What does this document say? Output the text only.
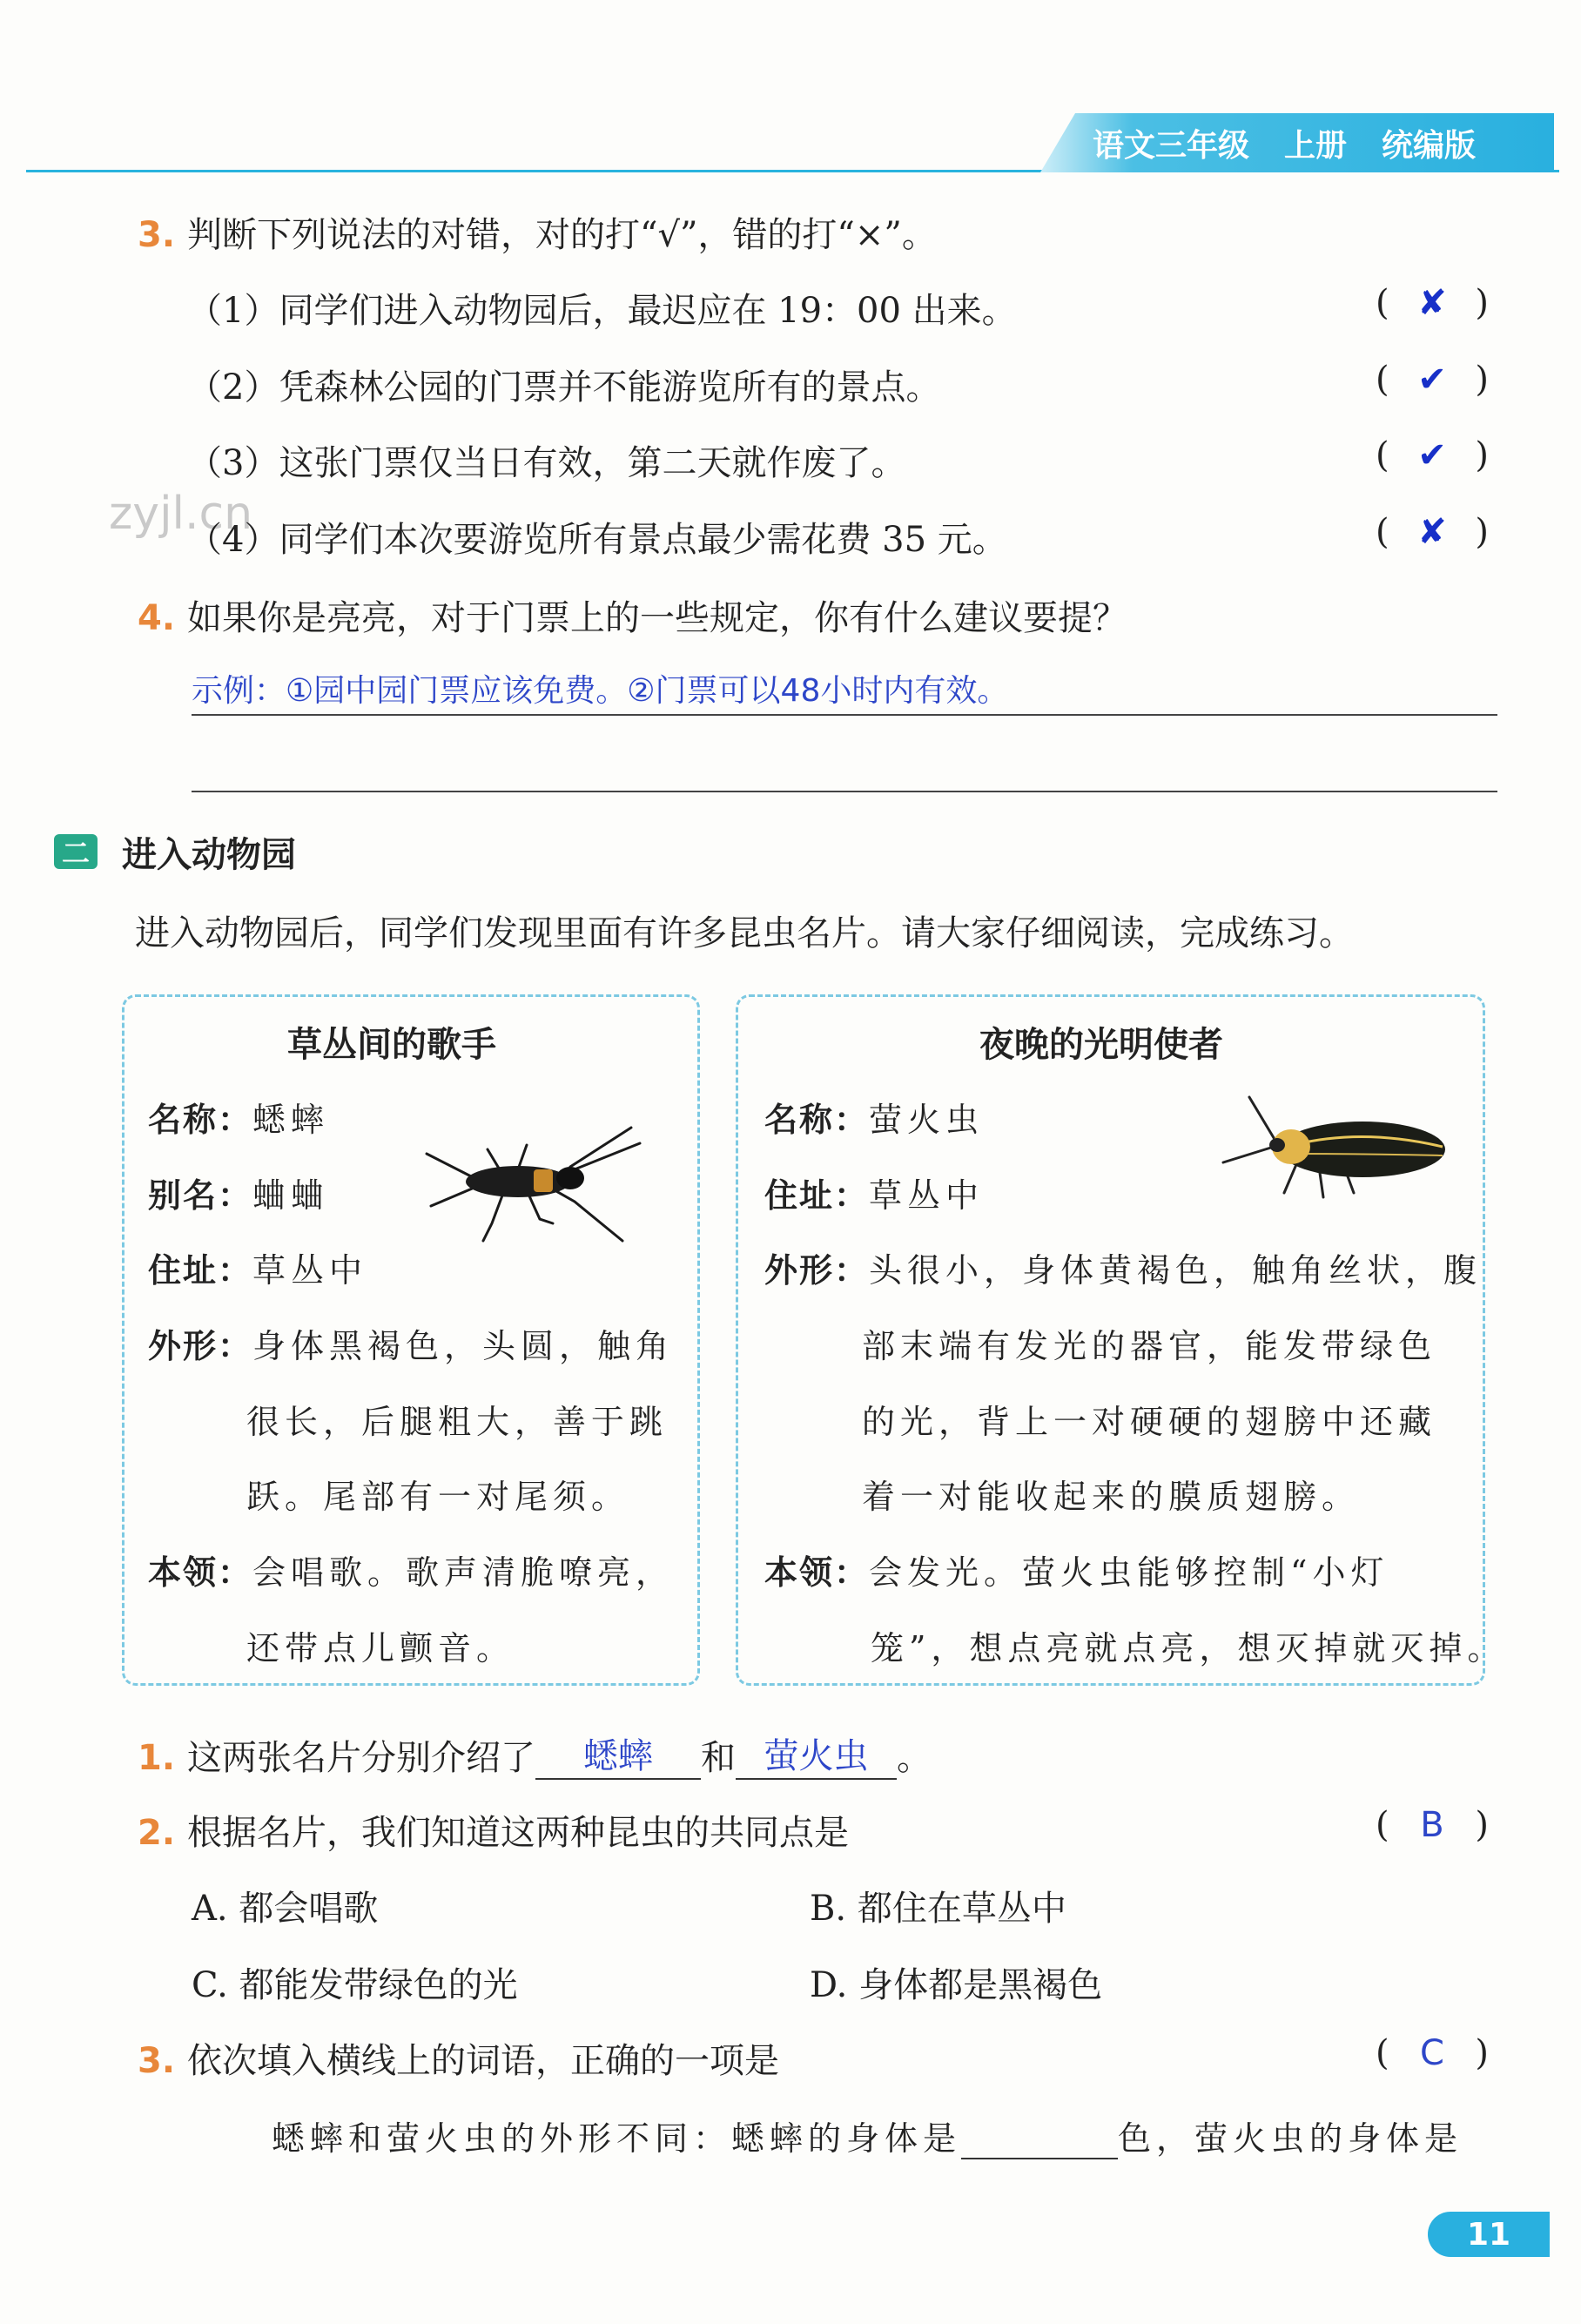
语文三年级 上册 统编版
3. 判断下列说法的对错，对的打“√”，错的打“×”。
（1）同学们进入动物园后，最迟应在 19：00 出来。	( ✘ )
（2）凭森林公园的门票并不能游览所有的景点。	( ✔ )
（3）这张门票仅当日有效，第二天就作废了。	( ✔ )
zyjl.cn
（4）同学们本次要游览所有景点最少需花费 35 元。	( ✘ )
4. 如果你是亮亮，对于门票上的一些规定，你有什么建议要提？
示例：①园中园门票应该免费。②门票可以48小时内有效。
二 进入动物园
进入动物园后，同学们发现里面有许多昆虫名片。请大家仔细阅读，完成练习。
草丛间的歌手
名称：蟋蟀
别名：蛐蛐
住址：草丛中
外形：身体黑褐色，头圆，触角
很长，后腿粗大，善于跳
跃。尾部有一对尾须。
本领：会唱歌。歌声清脆嘹亮，
还带点儿颤音。
夜晚的光明使者
名称：萤火虫
住址：草丛中
外形：头很小，身体黄褐色，触角丝状，腹
部末端有发光的器官，能发带绿色
的光，背上一对硬硬的翅膀中还藏
着一对能收起来的膜质翅膀。
本领：会发光。萤火虫能够控制“小灯
笼”，想点亮就点亮，想灭掉就灭掉。
1. 这两张名片分别介绍了 蟋蟀 和 萤火虫 。
2. 根据名片，我们知道这两种昆虫的共同点是	( B )
A. 都会唱歌	B. 都住在草丛中
C. 都能发带绿色的光	D. 身体都是黑褐色
3. 依次填入横线上的词语，正确的一项是	( C )
蟋蟀和萤火虫的外形不同：蟋蟀的身体是	色，萤火虫的身体是
11
